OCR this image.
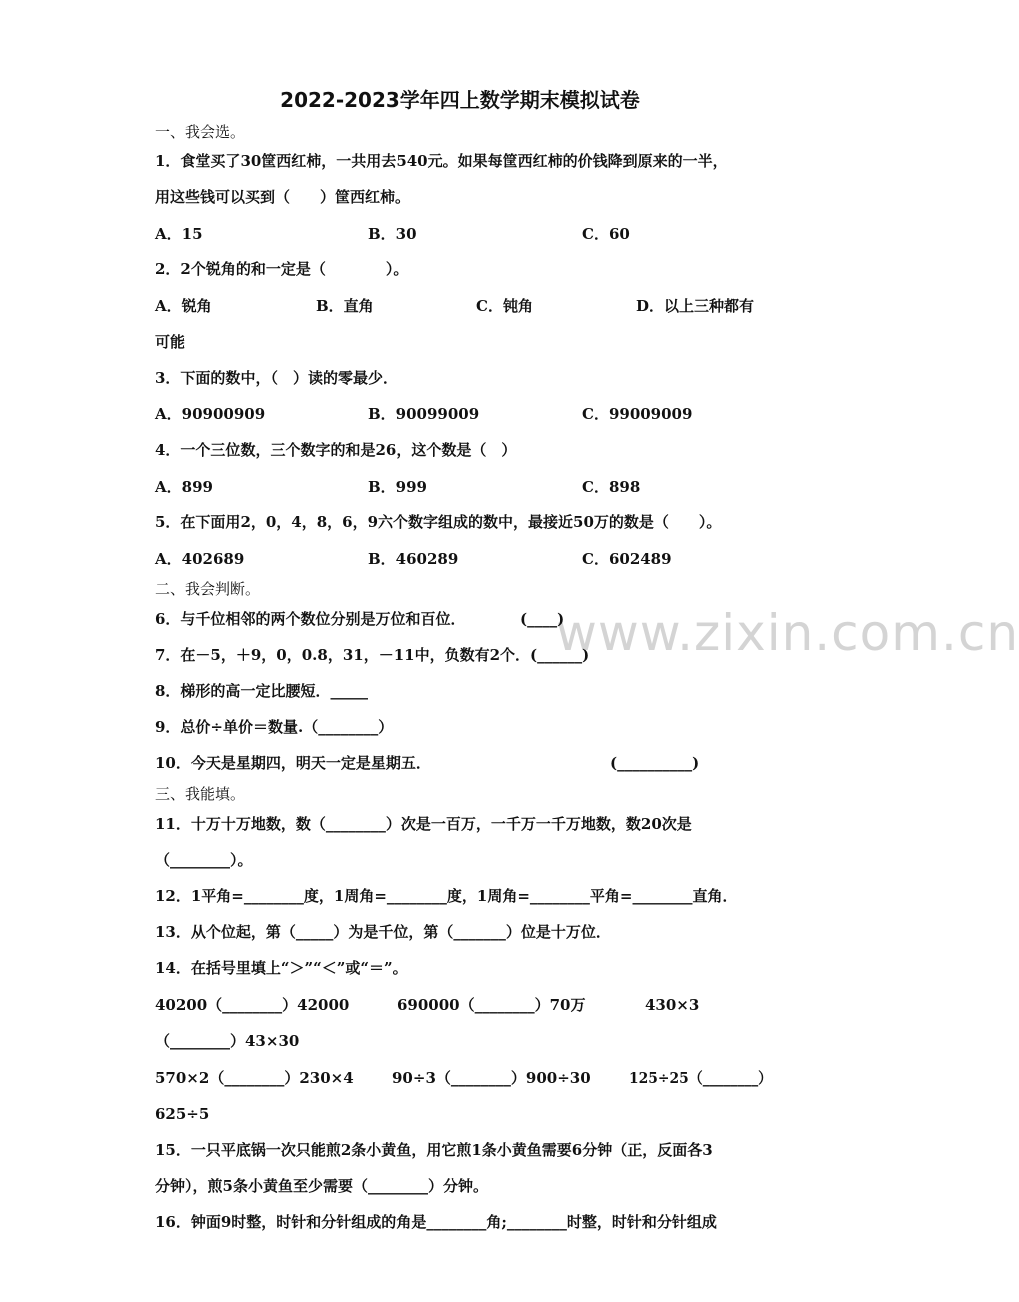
2022-2023学年四上数学期末模拟试卷
www.zixin.com.cn
一、我会选。
1．食堂买了30筐西红柿，一共用去540元。如果每筐西红柿的价钱降到原来的一半，
用这些钱可以买到（　　）筐西红柿。
A．15	B．30	C．60
2．2个锐角的和一定是（　　　　）。
A．锐角	B．直角	C．钝角	D．以上三种都有
可能
3．下面的数中，（　）读的零最少．
A．90900909	B．90099009	C．99009009
4．一个三位数，三个数字的和是26，这个数是（　）
A．899	B．999	C．898
5．在下面用2，0，4，8，6，9六个数字组成的数中，最接近50万的数是（　　）。
A．402689	B．460289	C．602489
二、我会判断。
6．与千位相邻的两个数位分别是万位和百位．	(____)
7．在－5，＋9，0，0.8，31，－11中，负数有2个．(______)
8．梯形的高一定比腰短．_____
9．总价÷单价＝数量.（________）
10．今天是星期四，明天一定是星期五．	(__________)
三、我能填。
11．十万十万地数，数（________）次是一百万，一千万一千万地数，数20次是
（________）。
12．1平角=________度，1周角=________度，1周角=________平角=________直角．
13．从个位起，第（_____）为是千位，第（_______）位是十万位．
14．在括号里填上“＞”“＜”或“＝”。
40200（________）42000	690000（________）70万	430×3
（________）43×30
570×2（________）230×4	90÷3（________）900÷30	125÷25（________）
625÷5
15．一只平底锅一次只能煎2条小黄鱼，用它煎1条小黄鱼需要6分钟（正，反面各3
分钟），煎5条小黄鱼至少需要（________）分钟。
16．钟面9时整，时针和分针组成的角是________角;________时整，时针和分针组成
